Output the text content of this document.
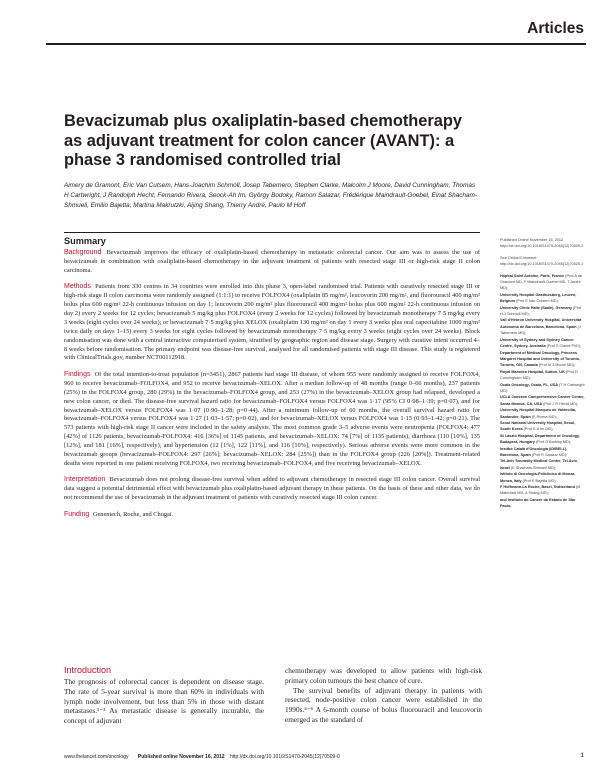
Articles
Bevacizumab plus oxaliplatin-based chemotherapy as adjuvant treatment for colon cancer (AVANT): a phase 3 randomised controlled trial
Aimery de Gramont, Eric Van Cutsem, Hans-Joachim Schmoll, Josep Tabernero, Stephen Clarke, Malcolm J Moore, David Cunningham, Thomas H Cartwright, J Randolph Hecht, Fernando Rivera, Seock-Ah Im, György Bodoky, Ramon Salazar, Frédérique Maindrault-Goebel, Einat Shacham-Shmueli, Emilio Bajetta, Martina Makrutzki, Aijing Shang, Thierry André, Paulo M Hoff
Summary

Background Bevacizumab improves the efficacy of oxaliplatin-based chemotherapy in metastatic colorectal cancer. Our aim was to assess the use of bevacizumab in combination with oxaliplatin-based chemotherapy in the adjuvant treatment of patients with resected stage III or high-risk stage II colon carcinoma.

Methods Patients from 330 centres in 34 countries were enrolled into this phase 3, open-label randomised trial. Patients with curatively resected stage III or high-risk stage II colon carcinoma were randomly assigned (1:1:1) to receive FOLFOX4 (oxaliplatin 85 mg/m², leucovorin 200 mg/m², and fluorouracil 400 mg/m² bolus plus 600 mg/m² 22-h continuous infusion on day 1; leucovorin 200 mg/m² plus fluorouracil 400 mg/m² bolus plus 600 mg/m² 22-h continuous infusion on day 2) every 2 weeks for 12 cycles; bevacizumab 5 mg/kg plus FOLFOX4 (every 2 weeks for 12 cycles) followed by bevacizumab monotherapy 7·5 mg/kg every 3 weeks (eight cycles over 24 weeks); or bevacizumab 7·5 mg/kg plus XELOX (oxaliplatin 130 mg/m² on day 1 every 3 weeks plus oral capecitabine 1000 mg/m² twice daily on days 1–15) every 3 weeks for eight cycles followed by bevacizumab monotherapy 7·5 mg/kg every 3 weeks (eight cycles over 24 weeks). Block randomisation was done with a central interactive computerised system, stratified by geographic region and disease stage. Surgery with curative intent occurred 4–8 weeks before randomisation. The primary endpoint was disease-free survival, analysed for all randomised patients with stage III disease. This study is registered with ClinicalTrials.gov, number NCT00112918.

Findings Of the total intention-to-treat population (n=3451), 2867 patients had stage III disease, of whom 955 were randomly assigned to receive FOLFOX4, 960 to receive bevacizumab–FOLFOX4, and 952 to receive bevacizumab–XELOX. After a median follow-up of 48 months (range 0–66 months), 237 patients (25%) in the FOLFOX4 group, 280 (29%) in the bevacizumab–FOLFOX4 group, and 253 (27%) in the bevacizumab–XELOX group had relapsed, developed a new colon cancer, or died. The disease-free survival hazard ratio for bevacizumab–FOLFOX4 versus FOLFOX4 was 1·17 (95% CI 0·98–1·39; p=0·07), and for bevacizumab–XELOX versus FOLFOX4 was 1·07 (0·90–1·28; p=0·44). After a minimum follow-up of 60 months, the overall survival hazard ratio for bevacizumab–FOLFOX4 versus FOLFOX4 was 1·27 (1·03–1·57; p=0·02), and for bevacizumab–XELOX versus FOLFOX4 was 1·15 (0·93–1·42; p=0·21). The 573 patients with high-risk stage II cancer were included in the safety analysis. The most common grade 3–5 adverse events were neutropenia (FOLFOX4: 477 [42%] of 1126 patients, bevacizumab-FOLFOX4: 416 [36%] of 1145 patients, and bevacizumab–XELOX: 74 [7%] of 1135 patients), diarrhoea (110 [10%], 135 [12%], and 181 [16%], respectively), and hypertension (12 [1%], 122 [11%], and 116 [10%], respectively). Serious adverse events were more common in the bevacizumab groups (bevacizumab–FOLFOX4: 297 [26%]; bevacizumab–XELOX: 284 [25%]) than in the FOLFOX4 group (226 [20%]). Treatment-related deaths were reported in one patient receiving FOLFOX4, two receiving bevacizumab–FOLFOX4, and five receiving bevacizumab–XELOX.

Interpretation Bevacizumab does not prolong disease-free survival when added to adjuvant chemotherapy in resected stage III colon cancer. Overall survival data suggest a potential detrimental effect with bevacizumab plus oxaliplatin-based adjuvant therapy in these patients. On the basis of these and other data, we do not recommend the use of bevacizumab in the adjuvant treatment of patients with curatively resected stage III colon cancer.

Funding Genentech, Roche, and Chugai.

Introduction
The prognosis of colorectal cancer is dependent on disease stage. The rate of 5-year survival is more than 60% in individuals with lymph node involvement, but less than 5% in those with distant metastases.¹⁻³ As metastatic disease is generally incurable, the concept of adjuvant

chemotherapy was developed to allow patients with high-risk primary colon tumours the best chance of cure.

The survival benefits of adjuvant therapy in patients with resected, node-positive colon cancer were established in the 1990s.⁴⁻⁶ A 6-month course of bolus fluorouracil and leucovorin emerged as the standard of

Published Online November 16, 2012 http://dx.doi.org/10.1016/S1470-2045(12)70509-0
See Online/Comment http://dx.doi.org/10.1016/S1470-2045(12)70525-1
Hôpital Saint Antoine, Paris, France (Prof A de Gramont MD, F Maindrault-Goebel MD, T André MD);
University Hospital Gasthuisberg, Leuven, Belgium (Prof E Van Cutsem MD);
University Clinic Halle (Saale), Germany (Prof H-J Schmoll MD);
Vall d'Hebron University Hospital, Universitat Autonoma de Barcelona, Barcelona, Spain (J Tabernero MD);
University of Sydney and Sydney Cancer Centre, Sydney, Australia (Prof S Clarke PhD);
Department of Medical Oncology, Princess Margaret Hospital and University of Toronto, Toronto, ON, Canada (Prof M J Moore MD);
Royal Marsden Hospital, Sutton, UK (Prof D Cunningham MD);
Ocala Oncology, Ocala, FL, USA (T H Cartwright MD);
UCLA Jonsson Comprehensive Cancer Center, Santa Monica, CA, USA (Prof J R Hecht MD);
University Hospital Marques de Valdecilla, Santander, Spain (F Rivera MD);
Seoul National University Hospital, Seoul, South Korea (Prof S-A Im MD);
St László Hospital, Department of Oncology, Budapest, Hungary (Prof G Bodoky MD);
Institut Català d'Oncologia (IDIBELL), Barcelona, Spain (Prof R Salazar MD);
Tel-Aviv Sourasky Medical Center, Tel-Aviv, Israel (E Shacham-Shmueli MD);
Istituto di Oncologia-Policlinico di Monza, Monza, Italy (Prof E Bajetta MD);
F Hoffmann-La Roche, Basel, Switzerland (M Makrutzki MD, A Shang MD);
and Instituto do Cancer do Estado de São Paulo,
www.thelancet.com/oncology Published online November 16, 2012 http://dx.doi.org/10.1016/S1470-2045(12)70509-0	1
